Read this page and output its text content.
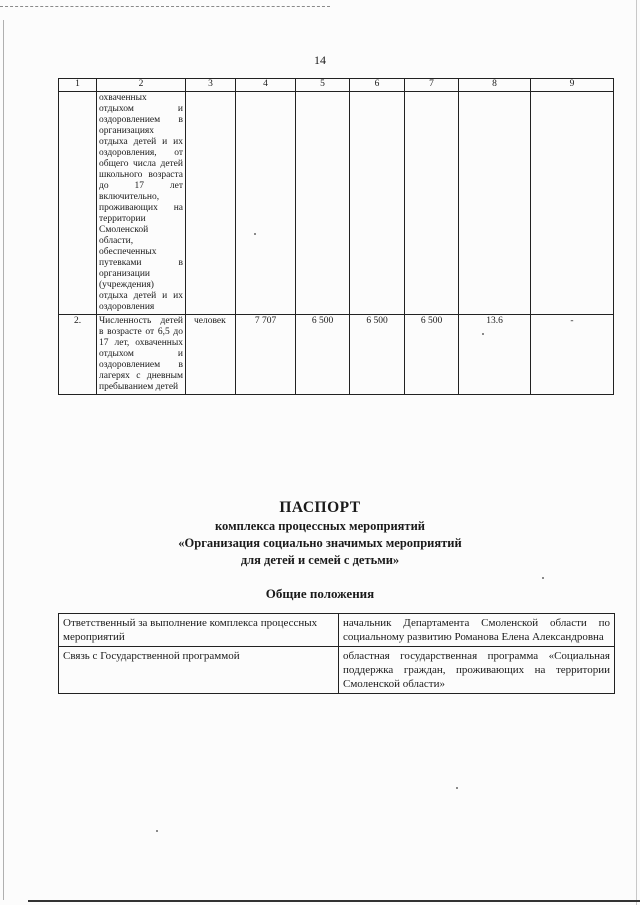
14
1	2	3	4	5	6	7	8	9
	охваченных отдыхом и оздоровлением в организациях отдыха детей и их оздоровления, от общего числа детей школьного возраста до 17 лет включительно, проживающих на территории Смоленской области, обеспеченных путевками в организации (учреждения) отдыха детей и их оздоровления							
2.	Численность детей в возрасте от 6,5 до 17 лет, охваченных отдыхом и оздоровлением в лагерях с дневным пребыванием детей	человек	7 707	6 500	6 500	6 500	13.6	-
ПАСПОРТ
комплекса процессных мероприятий
«Организация социально значимых мероприятий
для детей и семей с детьми»
Общие положения
Ответственный за выполнение комплекса процессных мероприятий	начальник Департамента Смоленской области по социальному развитию Романова Елена Александровна
Связь с Государственной программой	областная государственная программа «Социальная поддержка граждан, проживающих на территории Смоленской области»
